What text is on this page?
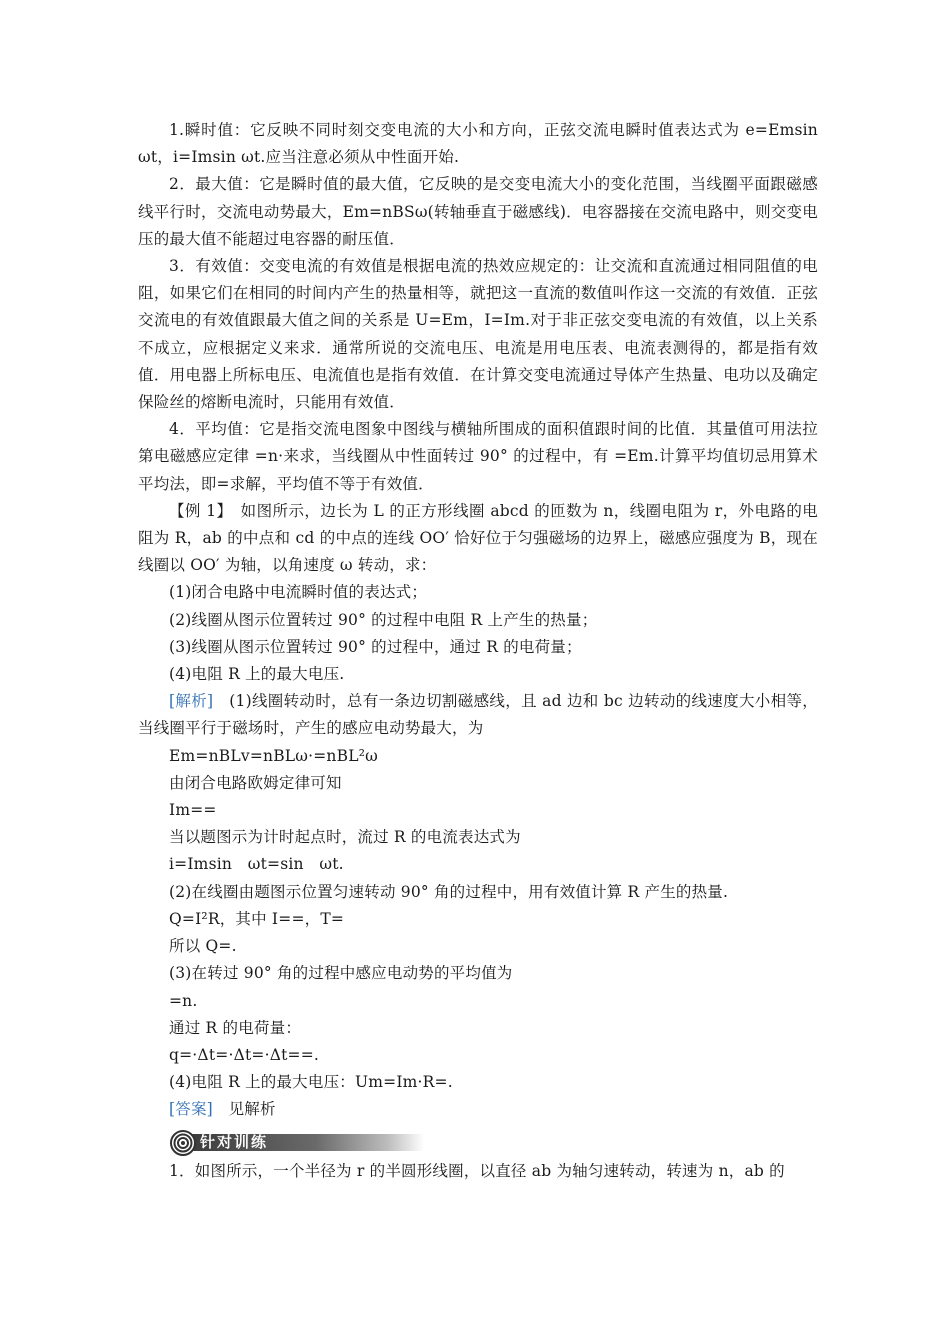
1.瞬时值：它反映不同时刻交变电流的大小和方向，正弦交流电瞬时值表达式为 e=Emsin ωt，i=Imsin ωt.应当注意必须从中性面开始.

2．最大值：它是瞬时值的最大值，它反映的是交变电流大小的变化范围，当线圈平面跟磁感线平行时，交流电动势最大，Em=nBSω(转轴垂直于磁感线)．电容器接在交流电路中，则交变电压的最大值不能超过电容器的耐压值．

3．有效值：交变电流的有效值是根据电流的热效应规定的：让交流和直流通过相同阻值的电阻，如果它们在相同的时间内产生的热量相等，就把这一直流的数值叫作这一交流的有效值．正弦交流电的有效值跟最大值之间的关系是 U=Em，I=Im.对于非正弦交变电流的有效值，以上关系不成立，应根据定义来求．通常所说的交流电压、电流是用电压表、电流表测得的，都是指有效值．用电器上所标电压、电流值也是指有效值．在计算交变电流通过导体产生热量、电功以及确定保险丝的熔断电流时，只能用有效值．

4．平均值：它是指交流电图象中图线与横轴所围成的面积值跟时间的比值．其量值可用法拉第电磁感应定律 =n·来求，当线圈从中性面转过 90° 的过程中，有 =Em.计算平均值切忌用算术平均法，即=求解，平均值不等于有效值．

【例 1】　如图所示，边长为 L 的正方形线圈 abcd 的匝数为 n，线圈电阻为 r，外电路的电阻为 R，ab 的中点和 cd 的中点的连线 OO′ 恰好位于匀强磁场的边界上，磁感应强度为 B，现在线圈以 OO′ 为轴，以角速度 ω 转动，求：

(1)闭合电路中电流瞬时值的表达式；

(2)线圈从图示位置转过 90° 的过程中电阻 R 上产生的热量；

(3)线圈从图示位置转过 90° 的过程中，通过 R 的电荷量；

(4)电阻 R 上的最大电压.

[解析]　(1)线圈转动时，总有一条边切割磁感线，且 ad 边和 bc 边转动的线速度大小相等，当线圈平行于磁场时，产生的感应电动势最大，为

Em=nBLv=nBLω·=nBL²ω

由闭合电路欧姆定律可知

Im==

当以题图示为计时起点时，流过 R 的电流表达式为

i=Imsin　ωt=sin　ωt.

(2)在线圈由题图示位置匀速转动 90° 角的过程中，用有效值计算 R 产生的热量.

Q=I²R，其中 I==，T=

所以 Q=.

(3)在转过 90° 角的过程中感应电动势的平均值为

=n.

通过 R 的电荷量：

q=·Δt=·Δt=·Δt==.

(4)电阻 R 上的最大电压：Um=Im·R=.

[答案]　见解析

针对训练

1．如图所示，一个半径为 r 的半圆形线圈，以直径 ab 为轴匀速转动，转速为 n，ab 的
